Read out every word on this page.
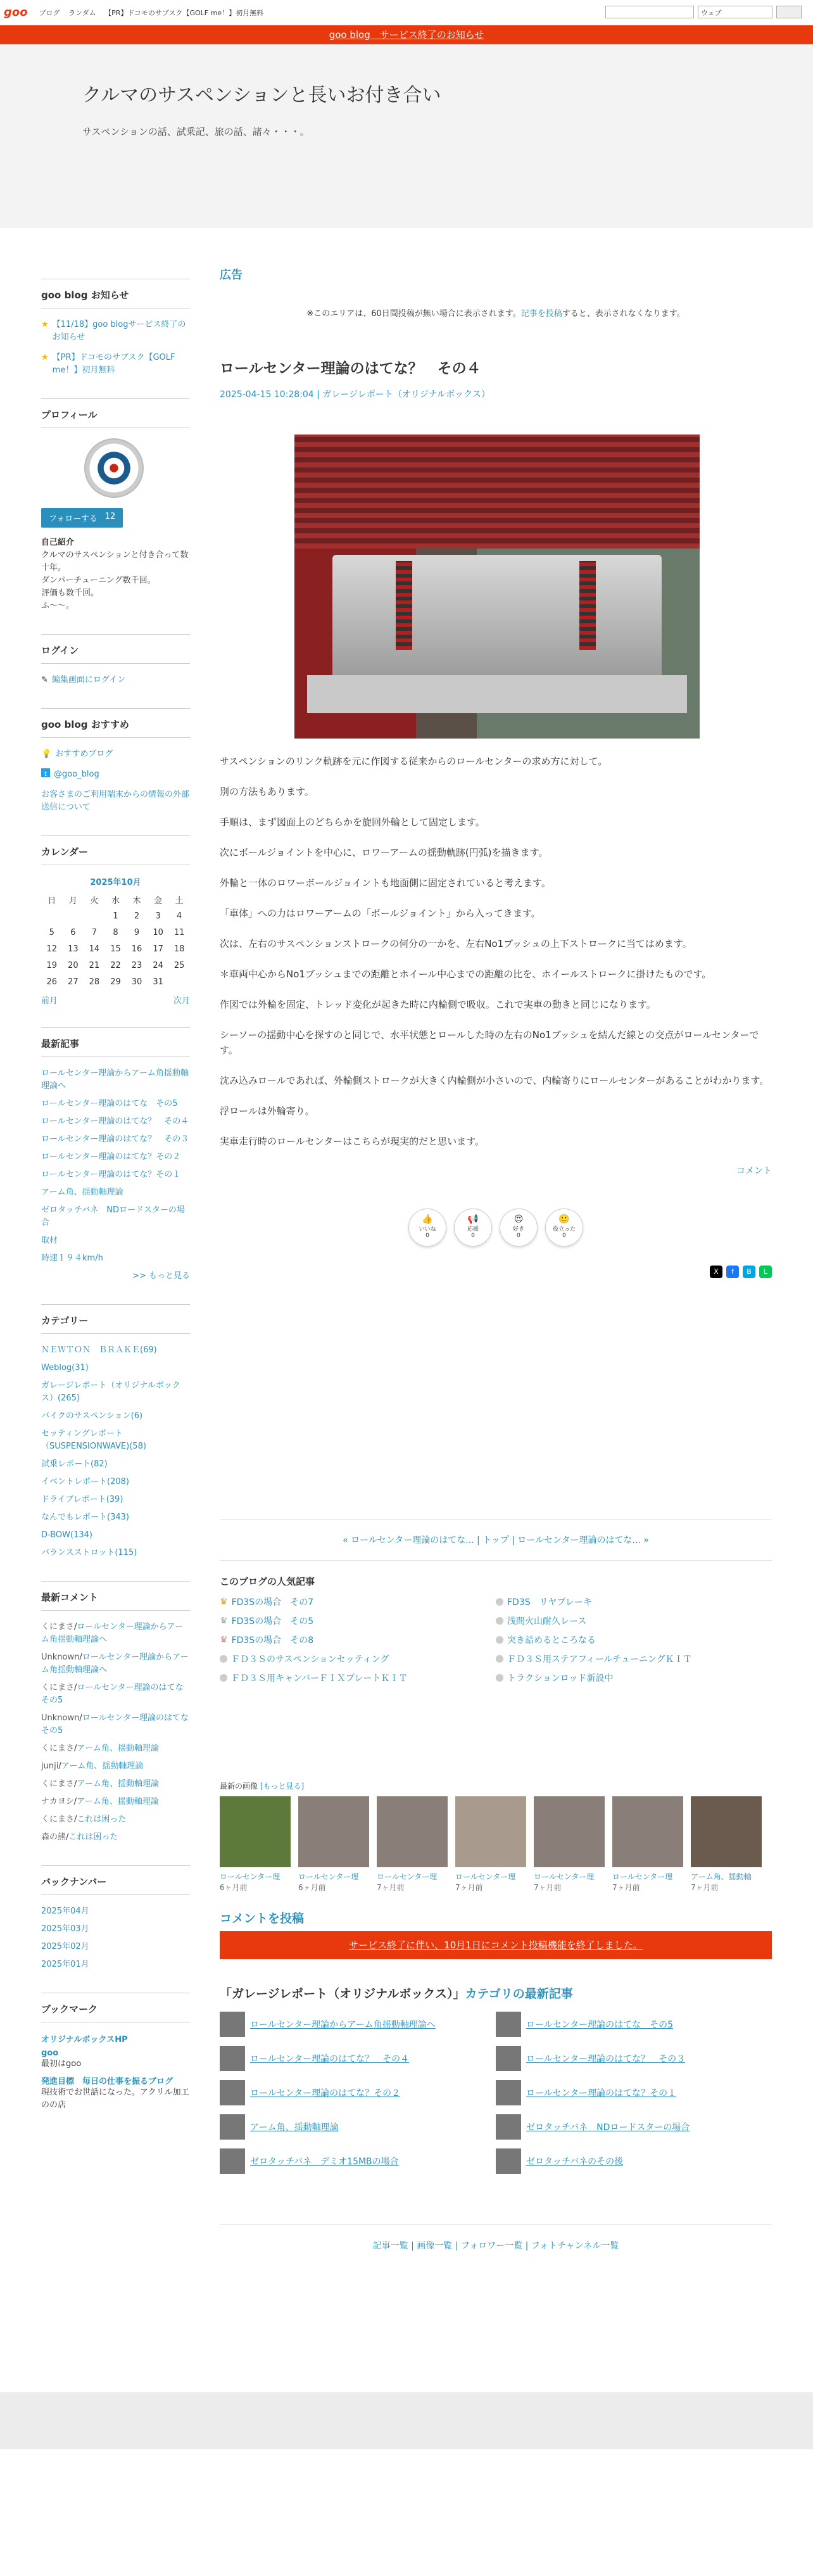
goo ブログ ランダム 【PR】ドコモのサブスク【GOLF me！】初月無料	ウェブ
goo blog　サービス終了のお知らせ
クルマのサスペンションと長いお付き合い
サスペンションの話、試乗記、旅の話、諸々・・・。
goo blog お知らせ
★ 【11/18】goo blogサービス終了のお知らせ
★ 【PR】ドコモのサブスク【GOLF me！】初月無料
プロフィール
フォローする 12
自己紹介
クルマのサスペンションと付き合って数十年。
ダンパーチューニング数千回。
評価も数千回。
ふ〜〜。
ログイン
✎ 編集画面にログイン
goo blog おすすめ
💡 おすすめブログ
t @goo_blog
お客さまのご利用端末からの情報の外部送信について
カレンダー
2025年10月
日	月	火	水	木	金	土
			1	2	3	4
5	6	7	8	9	10	11
12	13	14	15	16	17	18
19	20	21	22	23	24	25
26	27	28	29	30	31	
前月	次月
最新記事
ロールセンター理論からアーム角揺動軸理論へ
ロールセンター理論のはてな　その5
ロールセンター理論のはてな？　その４
ロールセンター理論のはてな？　その３
ロールセンター理論のはてな？その２
ロールセンター理論のはてな？その１
アーム角、揺動軸理論
ゼロタッチバネ　NDロードスターの場合
取材
時速１９４km/h
>> もっと見る
カテゴリー
ＮＥＷＴＯＮ　ＢＲＡＫＥ(69)
Weblog(31)
ガレージレポート（オリジナルボックス）(265)
バイクのサスペンション(6)
セッティングレポート（SUSPENSIONWAVE)(58)
試乗レポート(82)
イベントレポート(208)
ドライブレポート(39)
なんでもレポート(343)
D-BOW(134)
バランスストロット(115)
最新コメント
くにまさ/ロールセンター理論からアーム角揺動軸理論へ
Unknown/ロールセンター理論からアーム角揺動軸理論へ
くにまさ/ロールセンター理論のはてな　その5
Unknown/ロールセンター理論のはてな　その5
くにまさ/アーム角、揺動軸理論
junji/アーム角、揺動軸理論
くにまさ/アーム角、揺動軸理論
ナカヨシ/アーム角、揺動軸理論
くにまさ/これは困った
森の熊/これは困った
バックナンバー
2025年04月
2025年03月
2025年02月
2025年01月
ブックマーク
オリジナルボックスHP
goo
最初はgoo
発進目標　毎日の仕事を振るブログ
現技術でお世話になった。アクリル加工のの店
広告
※このエリアは、60日間投稿が無い場合に表示されます。記事を投稿すると、表示されなくなります。
ロールセンター理論のはてな？　その４
2025-04-15 10:28:04 | ガレージレポート（オリジナルボックス）

サスペンションのリンク軌跡を元に作図する従来からのロールセンターの求め方に対して。

別の方法もあります。

手順は、まず図面上のどちらかを旋回外輪として固定します。

次にボールジョイントを中心に、ロワーアームの揺動軌跡(円弧)を描きます。

外輪と一体のロワーボールジョイントも地面側に固定されていると考えます。

「車体」への力はロワーアームの「ボールジョイント」から入ってきます。

次は、左右のサスペンションストロークの何分の一かを、左右No1ブッシュの上下ストロークに当てはめます。

＊車両中心からNo1ブッシュまでの距離とホイール中心までの距離の比を、ホイールストロークに掛けたものです。

作図では外輪を固定、トレッド変化が起きた時に内輪側で吸収。これで実車の動きと同じになります。

シーソーの揺動中心を探すのと同じで、水平状態とロールした時の左右のNo1ブッシュを結んだ線との交点がロールセンターです。

沈み込みロールであれば、外輪側ストロークが大きく内輪側が小さいので、内輪寄りにロールセンターがあることがわかります。

浮ロールは外輪寄り。

実車走行時のロールセンターはこちらが現実的だと思います。

コメント
👍
いいね
0
📢
応援
0
😍
好き
0
🙂
役立った
0
X	f	B	L
« ロールセンター理論のはてな... | トップ | ロールセンター理論のはてな... »
このブログの人気記事
♛ FD3Sの場合　その7	FD3S　リヤブレーキ
♛ FD3Sの場合　その5	浅間火山耐久レース
♛ FD3Sの場合　その8	突き詰めるところなる
ＦＤ３Ｓのサスペンションセッティング	ＦＤ３Ｓ用ステアフィールチューニングＫＩＴ
ＦＤ３Ｓ用キャンバーＦＩＸプレートＫＩＴ	トラクションロッド新設中
最新の画像 [もっと見る]
ロールセンター理
6ヶ月前
ロールセンター理
6ヶ月前
ロールセンター理
7ヶ月前
ロールセンター理
7ヶ月前
ロールセンター理
7ヶ月前
ロールセンター理
7ヶ月前
アーム角、揺動軸
7ヶ月前
コメントを投稿
サービス終了に伴い、10月1日にコメント投稿機能を終了しました。
「ガレージレポート（オリジナルボックス）」カテゴリの最新記事
ロールセンター理論からアーム角揺動軸理論へ	ロールセンター理論のはてな　その5
ロールセンター理論のはてな？　その４	ロールセンター理論のはてな？　その３
ロールセンター理論のはてな？その２	ロールセンター理論のはてな？その１
アーム角、揺動軸理論	ゼロタッチバネ　NDロードスターの場合
ゼロタッチバネ　デミオ15MBの場合	ゼロタッチバネのその後
記事一覧 | 画像一覧 | フォロワー一覧 | フォトチャンネル一覧
